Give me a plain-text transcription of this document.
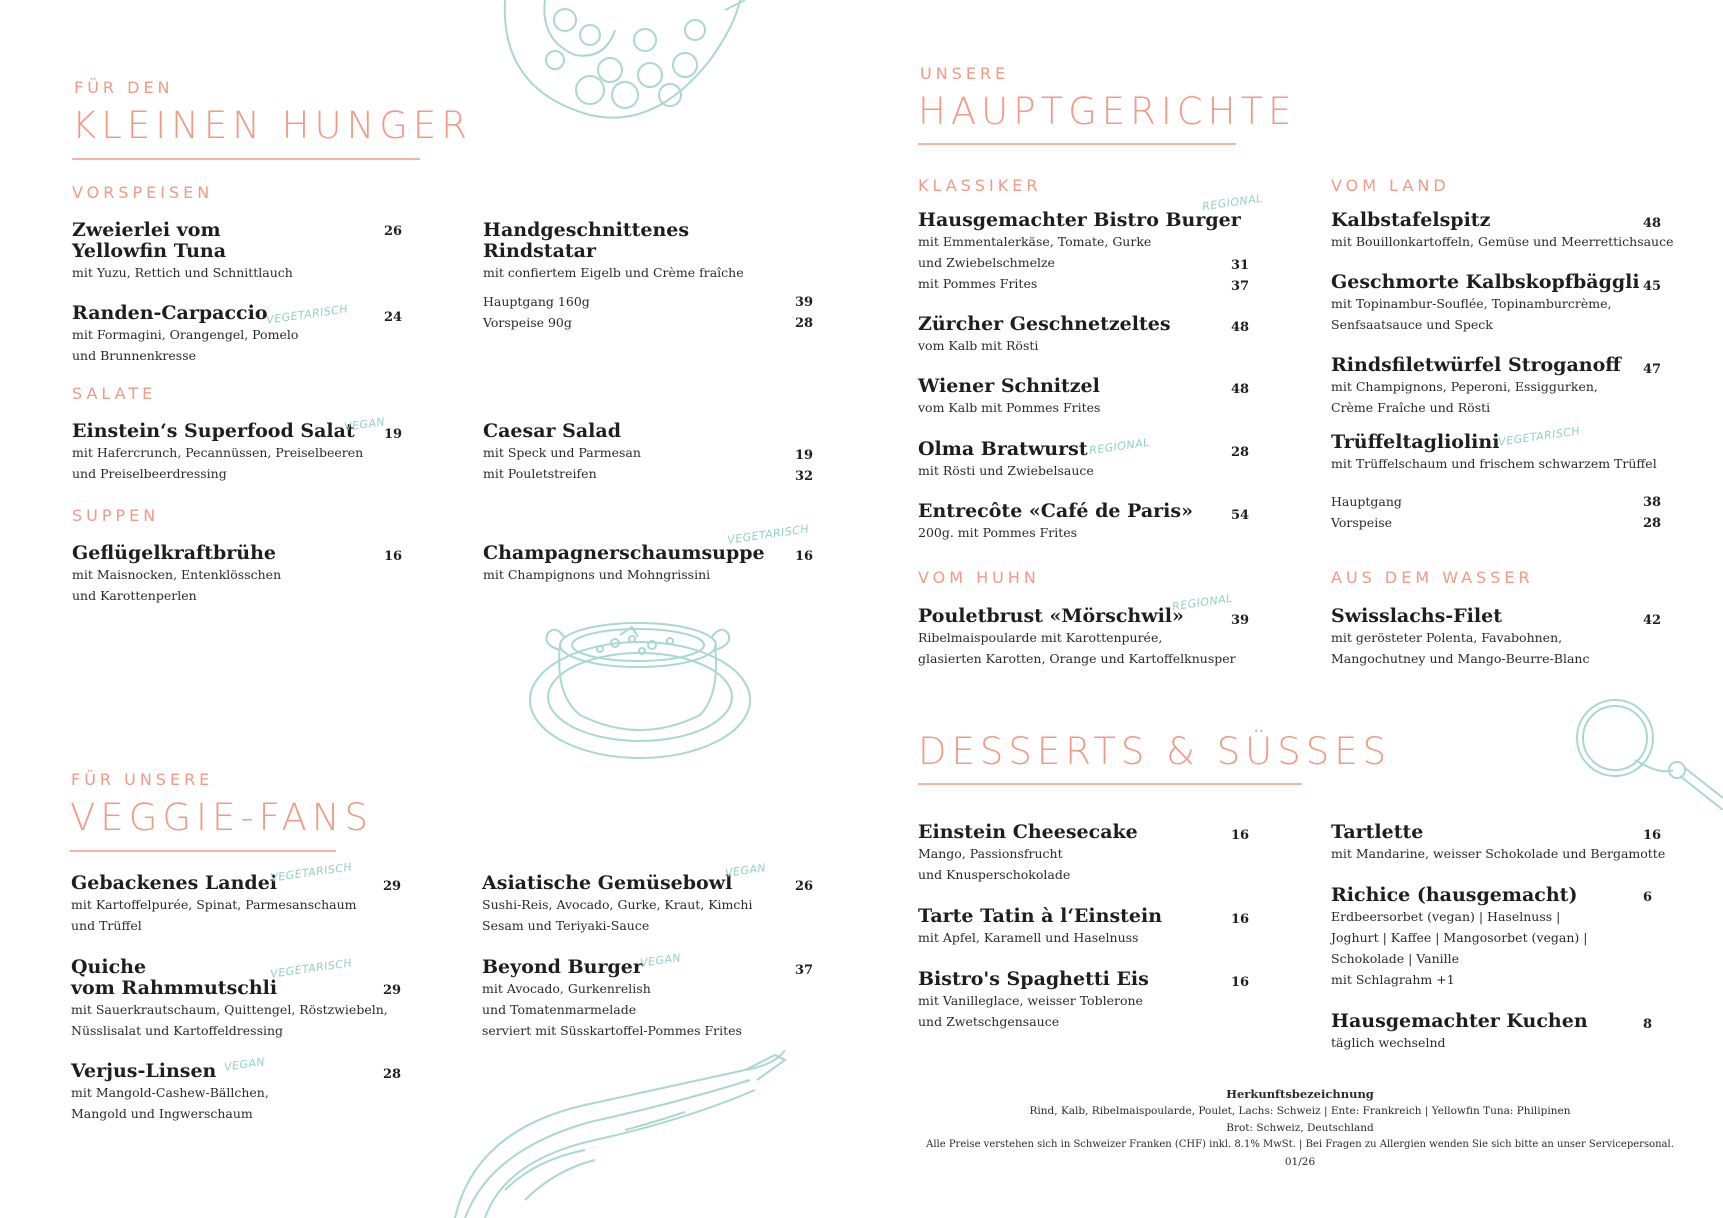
FÜR DEN
KLEINEN HUNGER
VORSPEISEN
Zweierlei vom
Yellowfin Tuna
mit Yuzu, Rettich und Schnittlauch
26	Handgeschnittenes
Rindstatar
mit confiertem Eigelb und Crème fraîche
Hauptgang 160g	39
Vorspeise 90g	28
Randen-Carpaccio
mit Formagini, Orangengel, Pomelo
und Brunnenkresse
VEGETARISCH	24
SALATE
Einstein‘s Superfood Salat
mit Hafercrunch, Pecannüssen, Preiselbeeren
und Preiselbeerdressing
VEGAN
19	Caesar Salad
mit Speck und Parmesan
mit Pouletstreifen
19
32
SUPPEN
Geflügelkraftbrühe
mit Maisnocken, Entenklösschen
und Karottenperlen
16	Champagnerschaumsuppe
mit Champignons und Mohngrissini
VEGETARISCH
16
FÜR UNSERE
VEGGIE-FANS
Gebackenes Landei
mit Kartoffelpurée, Spinat, Parmesanschaum
und Trüffel
VEGETARISCH
29	Asiatische Gemüsebowl
Sushi-Reis, Avocado, Gurke, Kraut, Kimchi
Sesam und Teriyaki-Sauce
VEGAN
26
Quiche
vom Rahmmutschli
mit Sauerkrautschaum, Quittengel, Röstzwiebeln,
Nüsslisalat und Kartoffeldressing
VEGETARISCH
29
Beyond Burger
mit Avocado, Gurkenrelish
und Tomatenmarmelade
serviert mit Süsskartoffel-Pommes Frites
VEGAN
37
Verjus-Linsen
mit Mangold-Cashew-Bällchen,
Mangold und Ingwerschaum
VEGAN
28
UNSERE
HAUPTGERICHTE
KLASSIKER
Hausgemachter Bistro Burger
mit Emmentalerkäse, Tomate, Gurke
und Zwiebelschmelze
mit Pommes Frites
REGIONAL
31
37
Zürcher Geschnetzeltes
vom Kalb mit Rösti
48
Wiener Schnitzel
vom Kalb mit Pommes Frites
48
Olma Bratwurst
mit Rösti und Zwiebelsauce
REGIONAL	28
Entrecôte «Café de Paris»
200g. mit Pommes Frites
54
VOM HUHN
Pouletbrust «Mörschwil»
Ribelmaispoularde mit Karottenpurée,
glasierten Karotten, Orange und Kartoffelknusper
REGIONAL
39
VOM LAND
Kalbstafelspitz
mit Bouillonkartoffeln, Gemüse und Meerrettichsauce
48
Geschmorte Kalbskopfbäggli
mit Topinambur-Souflée, Topinamburcrème,
Senfsaatsauce und Speck
45
Rindsfiletwürfel Stroganoff
mit Champignons, Peperoni, Essiggurken,
Crème Fraîche und Rösti
47
Trüffeltagliolini
mit Trüffelschaum und frischem schwarzem Trüffel
VEGETARISCH
Hauptgang	38
Vorspeise	28
AUS DEM WASSER
Swisslachs-Filet
mit gerösteter Polenta, Favabohnen,
Mangochutney und Mango-Beurre-Blanc
42
DESSERTS & SÜSSES
Einstein Cheesecake
Mango, Passionsfrucht
und Knusperschokolade
16
Tarte Tatin à l‘Einstein
mit Apfel, Karamell und Haselnuss
16
Bistro's Spaghetti Eis
mit Vanilleglace, weisser Toblerone
und Zwetschgensauce
16
Tartlette
mit Mandarine, weisser Schokolade und Bergamotte
16
Richice (hausgemacht)
Erdbeersorbet (vegan) | Haselnuss |
Joghurt | Kaffee | Mangosorbet (vegan) |
Schokolade | Vanille
mit Schlagrahm +1
6
Hausgemachter Kuchen
täglich wechselnd
8
Herkunftsbezeichnung
Rind, Kalb, Ribelmaispoularde, Poulet, Lachs: Schweiz | Ente: Frankreich | Yellowfin Tuna: Philipinen
Brot: Schweiz, Deutschland
Alle Preise verstehen sich in Schweizer Franken (CHF) inkl. 8.1% MwSt. | Bei Fragen zu Allergien wenden Sie sich bitte an unser Servicepersonal.
01/26
